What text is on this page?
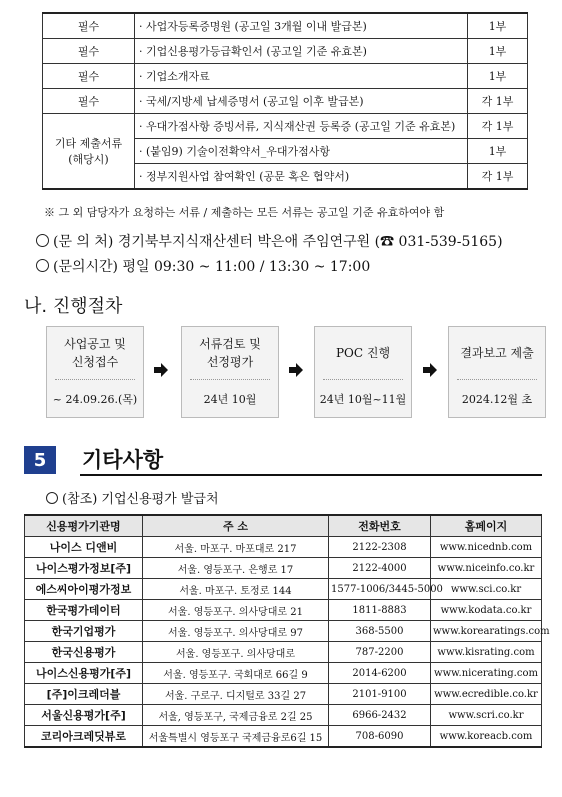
필수	· 사업자등록증명원 (공고일 3개월 이내 발급본)	1부
필수	· 기업신용평가등급확인서 (공고일 기준 유효본)	1부
필수	· 기업소개자료	1부
필수	· 국세/지방세 납세증명서 (공고일 이후 발급본)	각 1부

기타 제출서류
(해당시)	· 우대가점사항 증빙서류, 지식재산권 등록증 (공고일 기준 유효본)	각 1부
	· (붙임9) 기술이전확약서_우대가점사항	1부
	· 정부지원사업 참여확인 (공문 혹은 협약서)	각 1부
※ 그 외 담당자가 요청하는 서류 / 제출하는 모든 서류는 공고일 기준 유효하여야 함
(문 의 처) 경기북부지식재산센터 박은애 주임연구원 (☎ 031-539-5165)
(문의시간) 평일 09:30 ~ 11:00 / 13:30 ~ 17:00
나. 진행절차
사업공고 및
신청접수
~ 24.09.26.(목)
서류검토 및
선정평가
24년 10월
POC 진행
24년 10월~11월
결과보고 제출
2024.12월 초
5	기타사항
(참조) 기업신용평가 발급처
신용평가기관명	주 소	전화번호	홈페이지
나이스 디앤비	서울. 마포구. 마포대로 217	2122-2308	www.nicednb.com
나이스평가정보[주]	서울. 영등포구. 은행로 17	2122-4000	www.niceinfo.co.kr
에스씨아이평가정보	서울. 마포구. 토정로 144	1577-1006/3445-5000	www.sci.co.kr
한국평가데이터	서울. 영등포구. 의사당대로 21	1811-8883	www.kodata.co.kr
한국기업평가	서울. 영등포구. 의사당대로 97	368-5500	www.korearatings.com
한국신용평가	서울. 영등포구. 의사당대로	787-2200	www.kisrating.com
나이스신용평가[주]	서울. 영등포구. 국회대로 66길 9	2014-6200	www.nicerating.com
[주]이크레더블	서울. 구로구. 디지털로 33길 27	2101-9100	www.ecredible.co.kr
서울신용평가[주]	서울, 영등포구, 국제금융로 2길 25	6966-2432	www.scri.co.kr
코리아크레딧뷰로	서울특별시 영등포구 국제금융로6길 15	708-6090	www.koreacb.com
